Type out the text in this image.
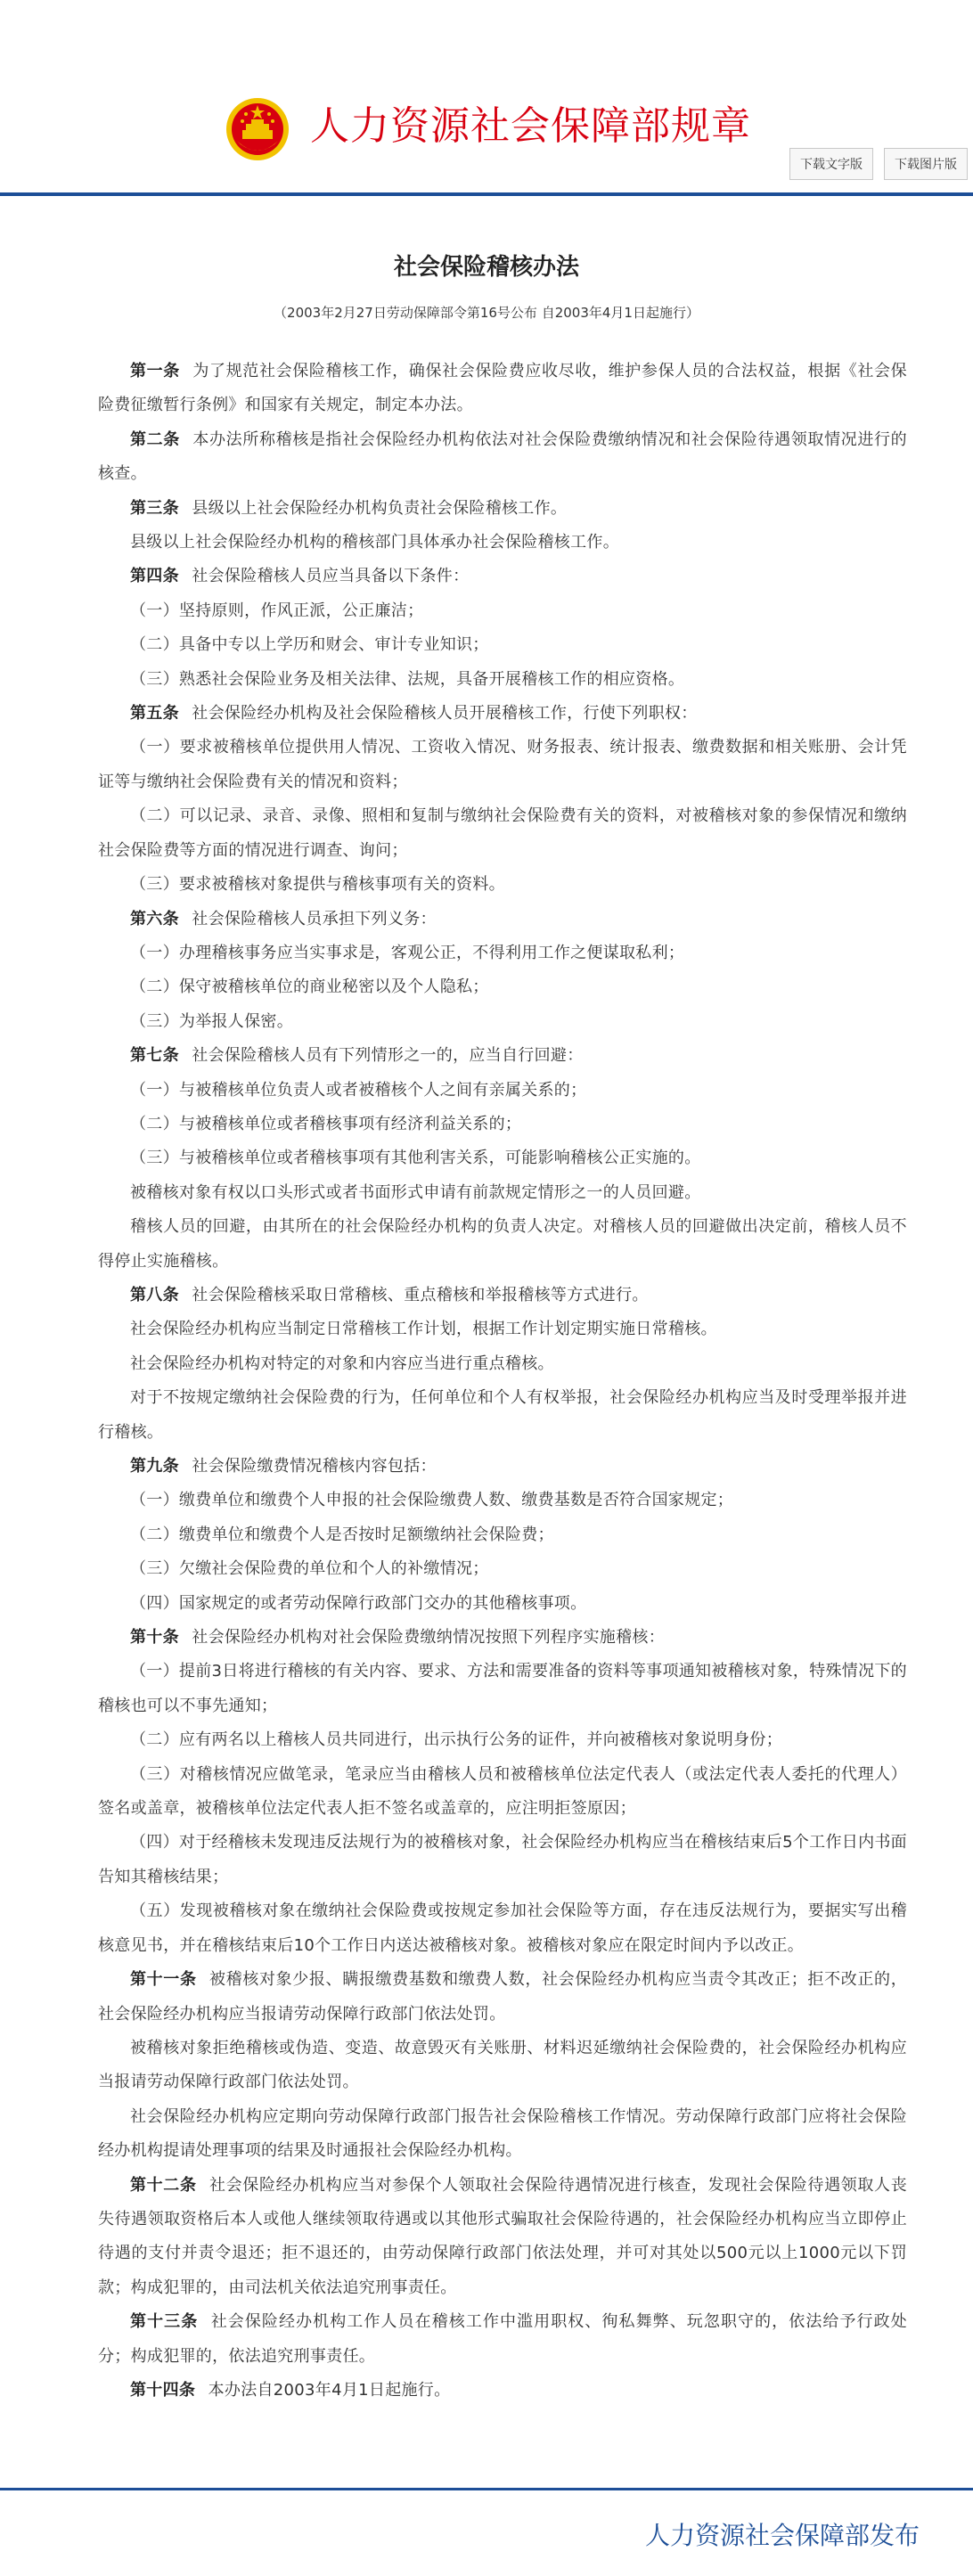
人力资源社会保障部规章
下载文字版	下载图片版
社会保险稽核办法
（2003年2月27日劳动保障部令第16号公布 自2003年4月1日起施行）

第一条 为了规范社会保险稽核工作，确保社会保险费应收尽收，维护参保人员的合法权益，根据《社会保险费征缴暂行条例》和国家有关规定，制定本办法。

第二条 本办法所称稽核是指社会保险经办机构依法对社会保险费缴纳情况和社会保险待遇领取情况进行的核查。

第三条 县级以上社会保险经办机构负责社会保险稽核工作。

县级以上社会保险经办机构的稽核部门具体承办社会保险稽核工作。

第四条 社会保险稽核人员应当具备以下条件：

（一）坚持原则，作风正派，公正廉洁；

（二）具备中专以上学历和财会、审计专业知识；

（三）熟悉社会保险业务及相关法律、法规，具备开展稽核工作的相应资格。

第五条 社会保险经办机构及社会保险稽核人员开展稽核工作，行使下列职权：

（一）要求被稽核单位提供用人情况、工资收入情况、财务报表、统计报表、缴费数据和相关账册、会计凭证等与缴纳社会保险费有关的情况和资料；

（二）可以记录、录音、录像、照相和复制与缴纳社会保险费有关的资料，对被稽核对象的参保情况和缴纳社会保险费等方面的情况进行调查、询问；

（三）要求被稽核对象提供与稽核事项有关的资料。

第六条 社会保险稽核人员承担下列义务：

（一）办理稽核事务应当实事求是，客观公正，不得利用工作之便谋取私利；

（二）保守被稽核单位的商业秘密以及个人隐私；

（三）为举报人保密。

第七条 社会保险稽核人员有下列情形之一的，应当自行回避：

（一）与被稽核单位负责人或者被稽核个人之间有亲属关系的；

（二）与被稽核单位或者稽核事项有经济利益关系的；

（三）与被稽核单位或者稽核事项有其他利害关系，可能影响稽核公正实施的。

被稽核对象有权以口头形式或者书面形式申请有前款规定情形之一的人员回避。

稽核人员的回避，由其所在的社会保险经办机构的负责人决定。对稽核人员的回避做出决定前，稽核人员不得停止实施稽核。

第八条 社会保险稽核采取日常稽核、重点稽核和举报稽核等方式进行。

社会保险经办机构应当制定日常稽核工作计划，根据工作计划定期实施日常稽核。

社会保险经办机构对特定的对象和内容应当进行重点稽核。

对于不按规定缴纳社会保险费的行为，任何单位和个人有权举报，社会保险经办机构应当及时受理举报并进行稽核。

第九条 社会保险缴费情况稽核内容包括：

（一）缴费单位和缴费个人申报的社会保险缴费人数、缴费基数是否符合国家规定；

（二）缴费单位和缴费个人是否按时足额缴纳社会保险费；

（三）欠缴社会保险费的单位和个人的补缴情况；

（四）国家规定的或者劳动保障行政部门交办的其他稽核事项。

第十条 社会保险经办机构对社会保险费缴纳情况按照下列程序实施稽核：

（一）提前3日将进行稽核的有关内容、要求、方法和需要准备的资料等事项通知被稽核对象，特殊情况下的稽核也可以不事先通知；

（二）应有两名以上稽核人员共同进行，出示执行公务的证件，并向被稽核对象说明身份；

（三）对稽核情况应做笔录，笔录应当由稽核人员和被稽核单位法定代表人（或法定代表人委托的代理人）签名或盖章，被稽核单位法定代表人拒不签名或盖章的，应注明拒签原因；

（四）对于经稽核未发现违反法规行为的被稽核对象，社会保险经办机构应当在稽核结束后5个工作日内书面告知其稽核结果；

（五）发现被稽核对象在缴纳社会保险费或按规定参加社会保险等方面，存在违反法规行为，要据实写出稽核意见书，并在稽核结束后10个工作日内送达被稽核对象。被稽核对象应在限定时间内予以改正。

第十一条 被稽核对象少报、瞒报缴费基数和缴费人数，社会保险经办机构应当责令其改正；拒不改正的，社会保险经办机构应当报请劳动保障行政部门依法处罚。

被稽核对象拒绝稽核或伪造、变造、故意毁灭有关账册、材料迟延缴纳社会保险费的，社会保险经办机构应当报请劳动保障行政部门依法处罚。

社会保险经办机构应定期向劳动保障行政部门报告社会保险稽核工作情况。劳动保障行政部门应将社会保险经办机构提请处理事项的结果及时通报社会保险经办机构。

第十二条 社会保险经办机构应当对参保个人领取社会保险待遇情况进行核查，发现社会保险待遇领取人丧失待遇领取资格后本人或他人继续领取待遇或以其他形式骗取社会保险待遇的，社会保险经办机构应当立即停止待遇的支付并责令退还；拒不退还的，由劳动保障行政部门依法处理，并可对其处以500元以上1000元以下罚款；构成犯罪的，由司法机关依法追究刑事责任。

第十三条 社会保险经办机构工作人员在稽核工作中滥用职权、徇私舞弊、玩忽职守的，依法给予行政处分；构成犯罪的，依法追究刑事责任。

第十四条 本办法自2003年4月1日起施行。

人力资源社会保障部发布
